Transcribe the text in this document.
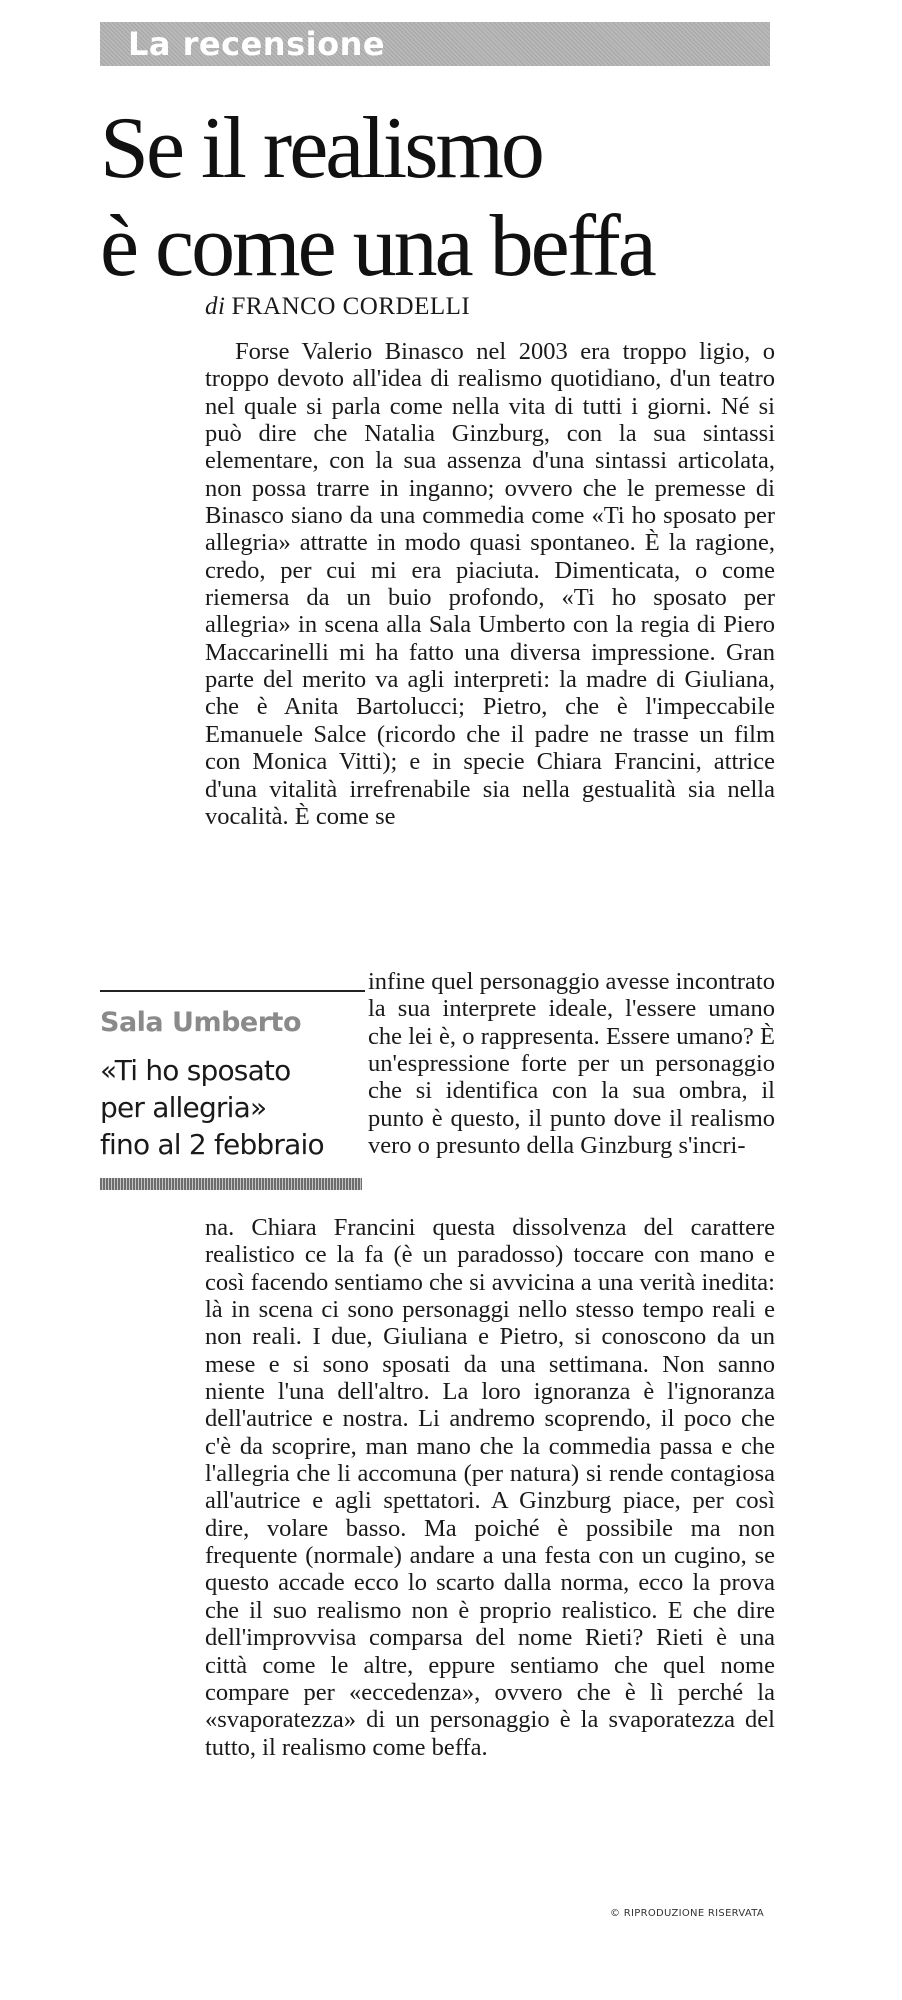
La recensione
Se il realismo
è come una beffa
di FRANCO CORDELLI

Forse Valerio Binasco nel 2003 era troppo ligio, o troppo devoto all'idea di realismo quotidiano, d'un teatro nel quale si parla come nella vita di tutti i giorni. Né si può dire che Natalia Ginzburg, con la sua sintassi elementare, con la sua assenza d'una sintassi articolata, non possa trarre in inganno; ovvero che le premesse di Binasco siano da una commedia come «Ti ho sposato per allegria» attratte in modo quasi spontaneo. È la ragione, credo, per cui mi era piaciuta. Dimenticata, o come riemersa da un buio profondo, «Ti ho sposato per allegria» in scena alla Sala Umberto con la regia di Piero Maccarinelli mi ha fatto una diversa impressione. Gran parte del merito va agli interpreti: la madre di Giuliana, che è Anita Bartolucci; Pietro, che è l'impeccabile Emanuele Salce (ricordo che il padre ne trasse un film con Monica Vitti); e in specie Chiara Francini, attrice d'una vitalità irrefrenabile sia nella gestualità sia nella vocalità. È come se

Sala Umberto
«Ti ho sposato
per allegria»
fino al 2 febbraio
infine quel personaggio avesse incontrato la sua interprete ideale, l'essere umano che lei è, o rappresenta. Essere umano? È un'espressione forte per un personaggio che si identifica con la sua ombra, il punto è questo, il punto dove il realismo vero o presunto della Ginzburg s'incri-
na. Chiara Francini questa dissolvenza del carattere realistico ce la fa (è un paradosso) toccare con mano e così facendo sentiamo che si avvicina a una verità inedita: là in scena ci sono personaggi nello stesso tempo reali e non reali. I due, Giuliana e Pietro, si conoscono da un mese e si sono sposati da una settimana. Non sanno niente l'una dell'altro. La loro ignoranza è l'ignoranza dell'autrice e nostra. Li andremo scoprendo, il poco che c'è da scoprire, man mano che la commedia passa e che l'allegria che li accomuna (per natura) si rende contagiosa all'autrice e agli spettatori. A Ginzburg piace, per così dire, volare basso. Ma poiché è possibile ma non frequente (normale) andare a una festa con un cugino, se questo accade ecco lo scarto dalla norma, ecco la prova che il suo realismo non è proprio realistico. E che dire dell'improvvisa comparsa del nome Rieti? Rieti è una città come le altre, eppure sentiamo che quel nome compare per «eccedenza», ovvero che è lì perché la «svaporatezza» di un personaggio è la svaporatezza del tutto, il realismo come beffa.
© RIPRODUZIONE RISERVATA
